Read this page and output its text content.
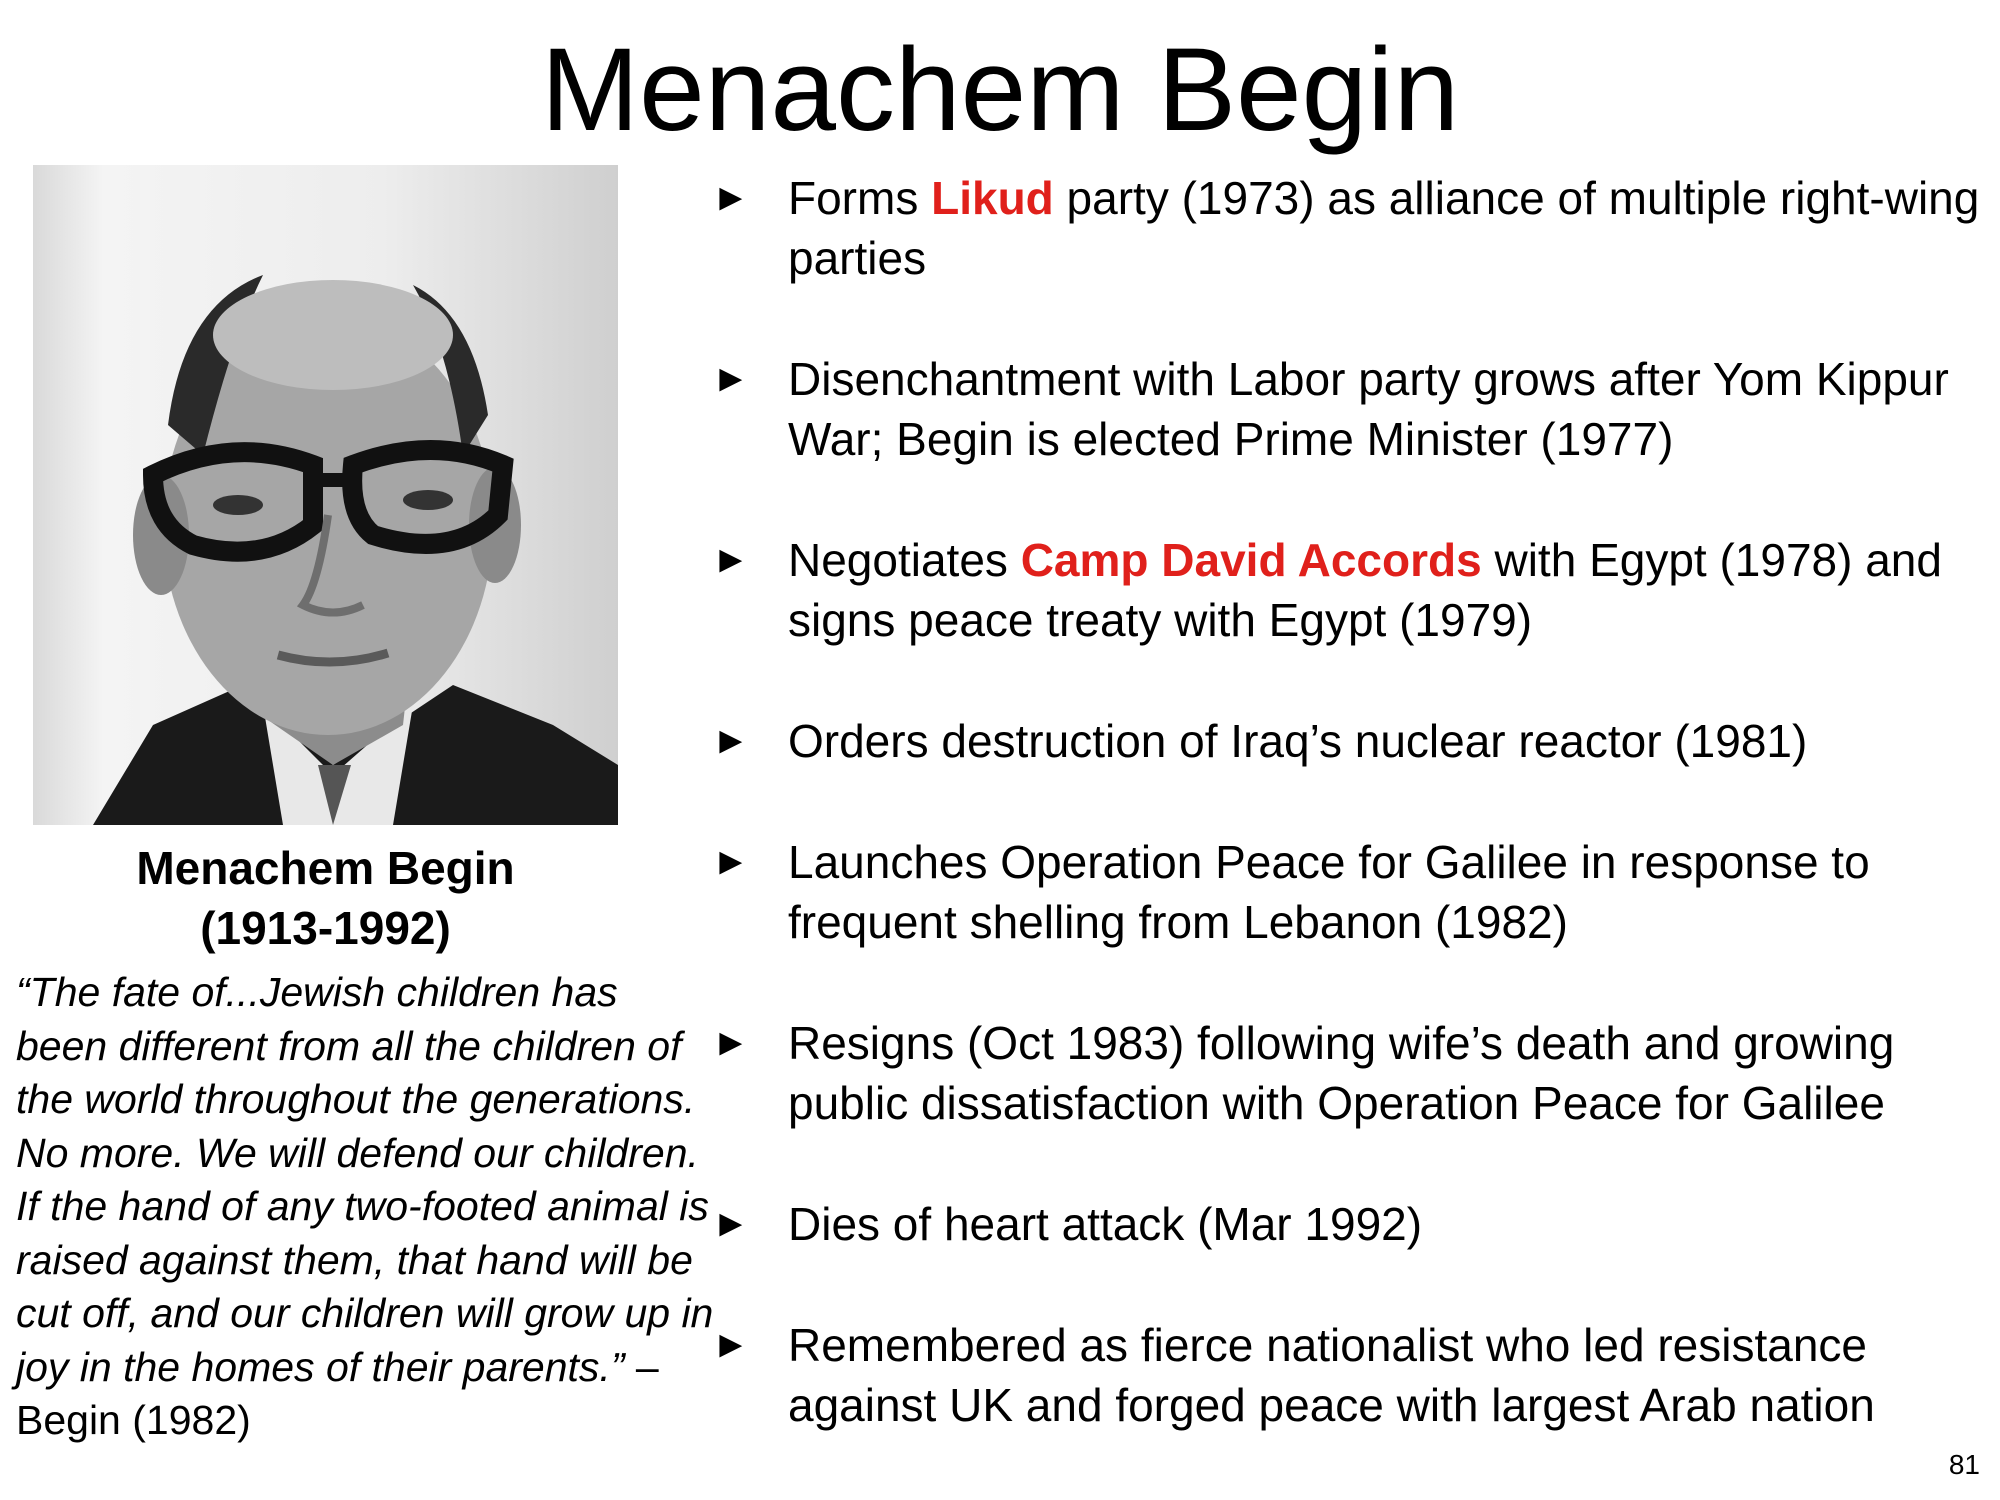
Menachem Begin
Menachem Begin
(1913-1992)
“The fate of...Jewish children has been different from all the children of the world throughout the generations. No more. We will defend our children. If the hand of any two-footed animal is raised against them, that hand will be cut off, and our children will grow up in joy in the homes of their parents.” – Begin (1982)
► Forms Likud party (1973) as alliance of multiple right-wing parties
► Disenchantment with Labor party grows after Yom Kippur War; Begin is elected Prime Minister (1977)
► Negotiates Camp David Accords with Egypt (1978) and signs peace treaty with Egypt (1979)
► Orders destruction of Iraq’s nuclear reactor (1981)
► Launches Operation Peace for Galilee in response to frequent shelling from Lebanon (1982)
► Resigns (Oct 1983) following wife’s death and growing public dissatisfaction with Operation Peace for Galilee
► Dies of heart attack (Mar 1992)
► Remembered as fierce nationalist who led resistance against UK and forged peace with largest Arab nation
81
